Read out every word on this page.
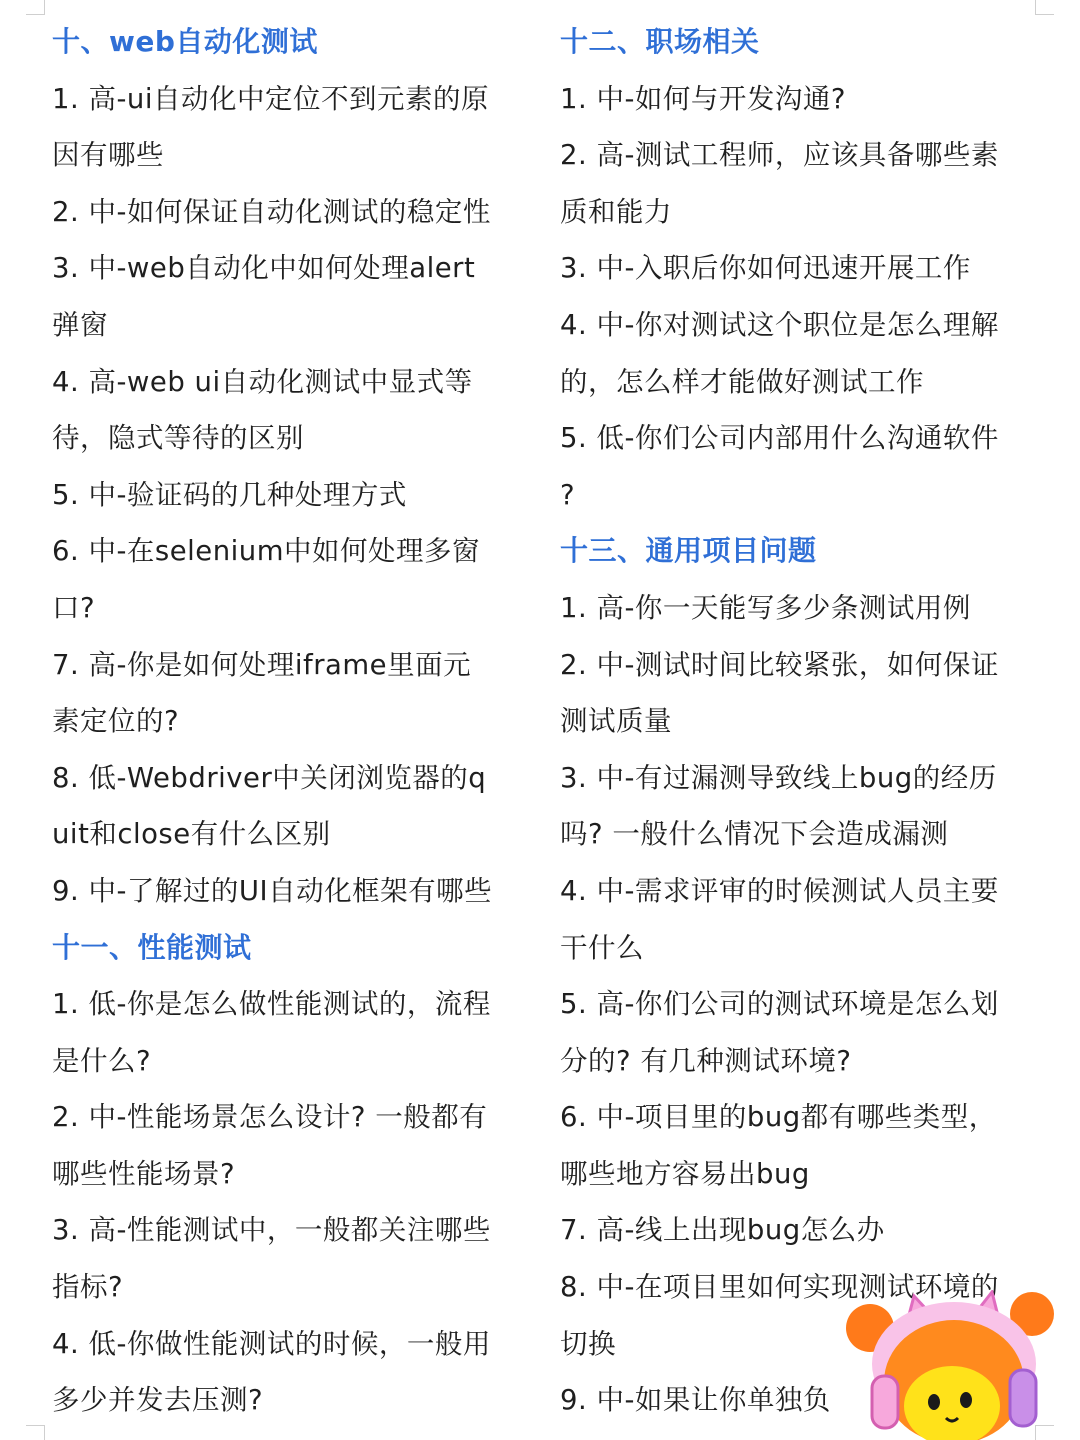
十、web自动化测试
1. 高-ui自动化中定位不到元素的原
因有哪些
2. 中-如何保证自动化测试的稳定性
3. 中-web自动化中如何处理alert
弹窗
4. 高-web ui自动化测试中显式等
待，隐式等待的区别
5. 中-验证码的几种处理方式
6. 中-在selenium中如何处理多窗
口?
7. 高-你是如何处理iframe里面元
素定位的?
8. 低-Webdriver中关闭浏览器的q
uit和close有什么区别
9. 中-了解过的UI自动化框架有哪些
十一、性能测试
1. 低-你是怎么做性能测试的，流程
是什么?
2. 中-性能场景怎么设计? 一般都有
哪些性能场景?
3. 高-性能测试中，一般都关注哪些
指标?
4. 低-你做性能测试的时候，一般用
多少并发去压测?
十二、职场相关
1. 中-如何与开发沟通?
2. 高-测试工程师，应该具备哪些素
质和能力
3. 中-入职后你如何迅速开展工作
4. 中-你对测试这个职位是怎么理解
的，怎么样才能做好测试工作
5. 低-你们公司内部用什么沟通软件
?
十三、通用项目问题
1. 高-你一天能写多少条测试用例
2. 中-测试时间比较紧张，如何保证
测试质量
3. 中-有过漏测导致线上bug的经历
吗? 一般什么情况下会造成漏测
4. 中-需求评审的时候测试人员主要
干什么
5. 高-你们公司的测试环境是怎么划
分的? 有几种测试环境?
6. 中-项目里的bug都有哪些类型，
哪些地方容易出bug
7. 高-线上出现bug怎么办
8. 中-在项目里如何实现测试环境的
切换
9. 中-如果让你单独负
